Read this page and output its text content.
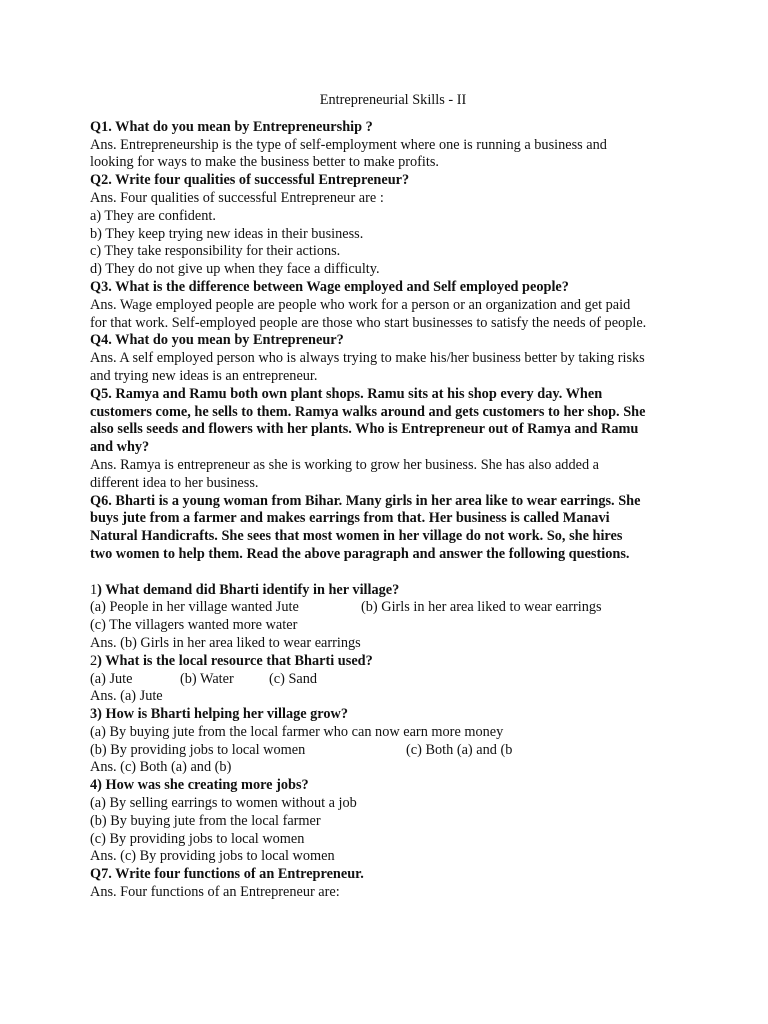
Entrepreneurial Skills - II

Q1. What do you mean by Entrepreneurship ?

Ans. Entrepreneurship is the type of self-employment where one is running a business and

looking for ways to make the business better to make profits.

Q2. Write four qualities of successful Entrepreneur?

Ans. Four qualities of successful Entrepreneur are :

a) They are confident.

b) They keep trying new ideas in their business.

c) They take responsibility for their actions.

d) They do not give up when they face a difficulty.

Q3. What is the difference between Wage employed and Self employed people?

Ans. Wage employed people are people who work for a person or an organization and get paid

for that work. Self-employed people are those who start businesses to satisfy the needs of people.

Q4. What do you mean by Entrepreneur?

Ans. A self employed person who is always trying to make his/her business better by taking risks

and trying new ideas is an entrepreneur.

Q5. Ramya and Ramu both own plant shops. Ramu sits at his shop every day. When

customers come, he sells to them. Ramya walks around and gets customers to her shop. She

also sells seeds and flowers with her plants. Who is Entrepreneur out of Ramya and Ramu

and why?

Ans. Ramya is entrepreneur as she is working to grow her business. She has also added a

different idea to her business.

Q6. Bharti is a young woman from Bihar. Many girls in her area like to wear earrings. She

buys jute from a farmer and makes earrings from that. Her business is called Manavi

Natural Handicrafts. She sees that most women in her village do not work. So, she hires

two women to help them. Read the above paragraph and answer the following questions.

1) What demand did Bharti identify in her village?

(a) People in her village wanted Jute	(b) Girls in her area liked to wear earrings

(c) The villagers wanted more water

Ans. (b) Girls in her area liked to wear earrings

2) What is the local resource that Bharti used?

(a) Jute	(b) Water	(c) Sand

Ans. (a) Jute

3) How is Bharti helping her village grow?

(a) By buying jute from the local farmer who can now earn more money

(b) By providing jobs to local women	(c) Both (a) and (b

Ans. (c) Both (a) and (b)

4) How was she creating more jobs?

(a) By selling earrings to women without a job

(b) By buying jute from the local farmer

(c) By providing jobs to local women

Ans. (c) By providing jobs to local women

Q7. Write four functions of an Entrepreneur.

Ans. Four functions of an Entrepreneur are:
